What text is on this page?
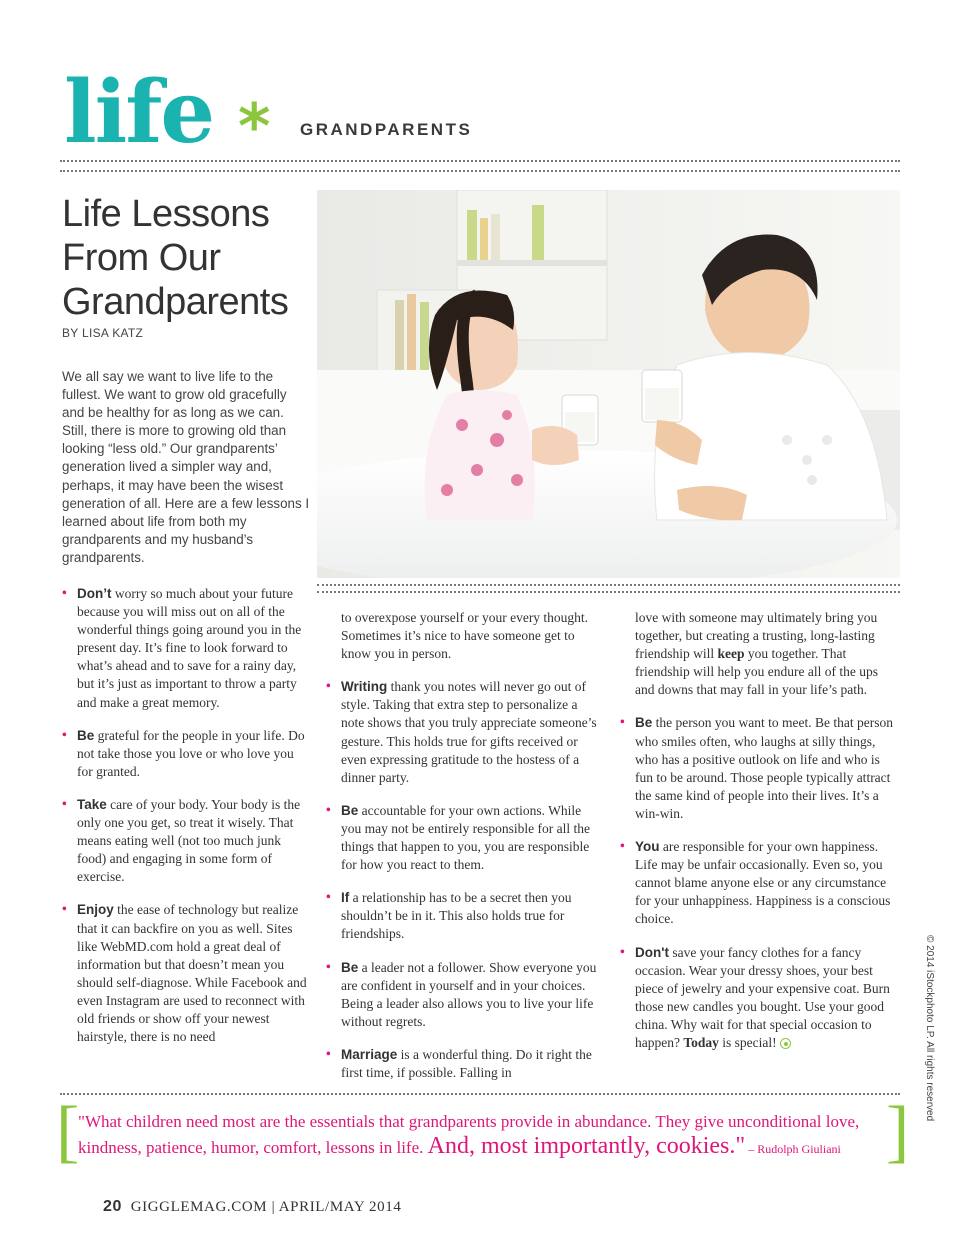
life * GRANDPARENTS
Life Lessons
From Our
Grandparents
BY LISA KATZ
We all say we want to live life to the fullest. We want to grow old gracefully and be healthy for as long as we can. Still, there is more to growing old than looking “less old.” Our grandparents’ generation lived a simpler way and, perhaps, it may have been the wisest generation of all. Here are a few lessons I learned about life from both my grandparents and my husband’s grandparents.

• Don’t worry so much about your future because you will miss out on all of the wonderful things going around you in the present day. It’s fine to look forward to what’s ahead and to save for a rainy day, but it’s just as important to throw a party and make a great memory.

• Be grateful for the people in your life. Do not take those you love or who love you for granted.

• Take care of your body. Your body is the only one you get, so treat it wisely. That means eating well (not too much junk food) and engaging in some form of exercise.

• Enjoy the ease of technology but realize that it can backfire on you as well. Sites like WebMD.com hold a great deal of information but that doesn’t mean you should self-diagnose. While Facebook and even Instagram are used to reconnect with old friends or show off your newest hairstyle, there is no need

to overexpose yourself or your every thought. Sometimes it’s nice to have someone get to know you in person.

• Writing thank you notes will never go out of style. Taking that extra step to personalize a note shows that you truly appreciate someone’s gesture. This holds true for gifts received or even expressing gratitude to the hostess of a dinner party.

• Be accountable for your own actions. While you may not be entirely responsible for all the things that happen to you, you are responsible for how you react to them.

• If a relationship has to be a secret then you shouldn’t be in it. This also holds true for friendships.

• Be a leader not a follower. Show everyone you are confident in yourself and in your choices. Being a leader also allows you to live your life without regrets.

• Marriage is a wonderful thing. Do it right the first time, if possible. Falling in

love with someone may ultimately bring you together, but creating a trusting, long-lasting friendship will keep you together. That friendship will help you endure all of the ups and downs that may fall in your life’s path.

• Be the person you want to meet. Be that person who smiles often, who laughs at silly things, who has a positive outlook on life and who is fun to be around. Those people typically attract the same kind of people into their lives. It’s a win-win.

• You are responsible for your own happiness. Life may be unfair occasionally. Even so, you cannot blame anyone else or any circumstance for your unhappiness. Happiness is a conscious choice.

• Don't save your fancy clothes for a fancy occasion. Wear your dressy shoes, your best piece of jewelry and your expensive coat. Burn those new candles you bought. Use your good china. Why wait for that special occasion to happen? Today is special!

[
"What children need most are the essentials that grandparents provide in abundance. They give unconditional love, kindness, patience, humor, comfort, lessons in life. And, most importantly, cookies." – Rudolph Giuliani ]
20 GIGGLEMAG.COM | APRIL/MAY 2014
© 2014 iStockphoto LP. All rights reserved
